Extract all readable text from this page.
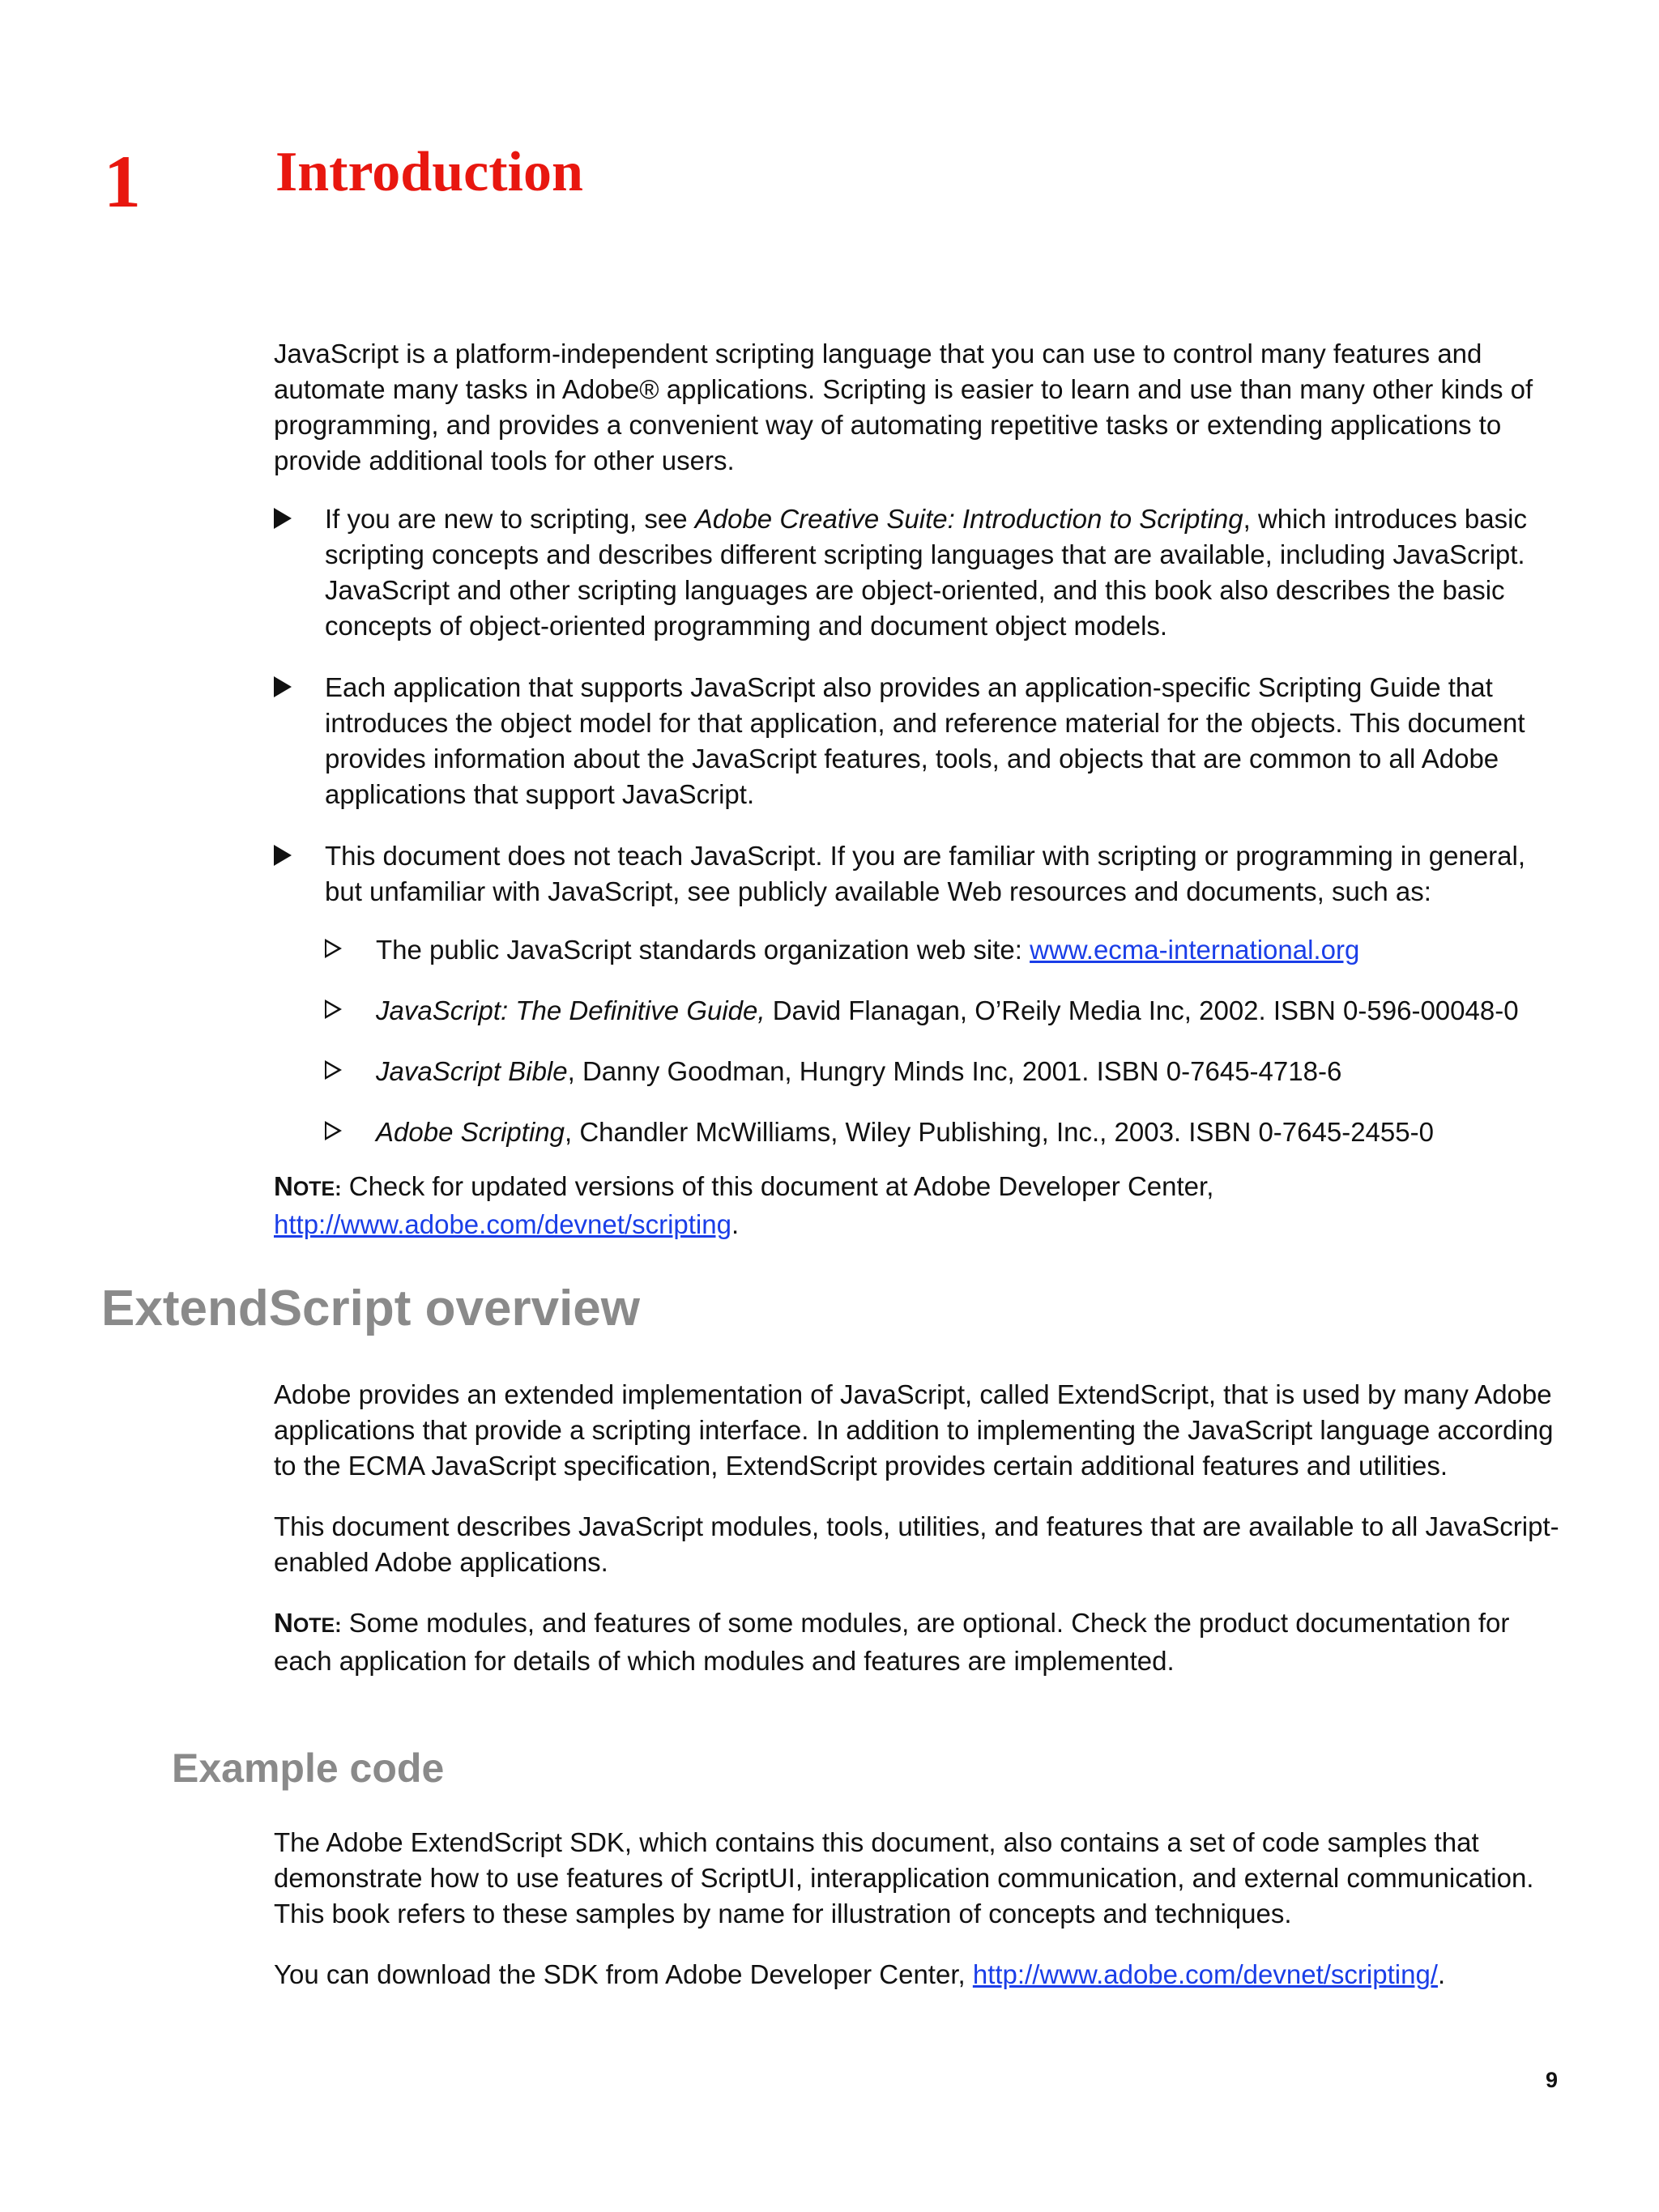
1 Introduction

JavaScript is a platform-independent scripting language that you can use to control many features and automate many tasks in Adobe® applications. Scripting is easier to learn and use than many other kinds of programming, and provides a convenient way of automating repetitive tasks or extending applications to provide additional tools for other users.

If you are new to scripting, see Adobe Creative Suite: Introduction to Scripting, which introduces basic scripting concepts and describes different scripting languages that are available, including JavaScript. JavaScript and other scripting languages are object-oriented, and this book also describes the basic concepts of object-oriented programming and document object models.
Each application that supports JavaScript also provides an application-specific Scripting Guide that introduces the object model for that application, and reference material for the objects. This document provides information about the JavaScript features, tools, and objects that are common to all Adobe applications that support JavaScript.
This document does not teach JavaScript. If you are familiar with scripting or programming in general, but unfamiliar with JavaScript, see publicly available Web resources and documents, such as:
The public JavaScript standards organization web site: www.ecma-international.org
JavaScript: The Definitive Guide, David Flanagan, O’Reily Media Inc, 2002. ISBN 0-596-00048-0
JavaScript Bible, Danny Goodman, Hungry Minds Inc, 2001. ISBN 0-7645-4718-6
Adobe Scripting, Chandler McWilliams, Wiley Publishing, Inc., 2003. ISBN 0-7645-2455-0

NOTE: Check for updated versions of this document at Adobe Developer Center,
http://www.adobe.com/devnet/scripting.

ExtendScript overview

Adobe provides an extended implementation of JavaScript, called ExtendScript, that is used by many Adobe applications that provide a scripting interface. In addition to implementing the JavaScript language according to the ECMA JavaScript specification, ExtendScript provides certain additional features and utilities.

This document describes JavaScript modules, tools, utilities, and features that are available to all JavaScript-enabled Adobe applications.

NOTE: Some modules, and features of some modules, are optional. Check the product documentation for each application for details of which modules and features are implemented.

Example code

The Adobe ExtendScript SDK, which contains this document, also contains a set of code samples that demonstrate how to use features of ScriptUI, interapplication communication, and external communication. This book refers to these samples by name for illustration of concepts and techniques.

You can download the SDK from Adobe Developer Center, http://www.adobe.com/devnet/scripting/.

9
